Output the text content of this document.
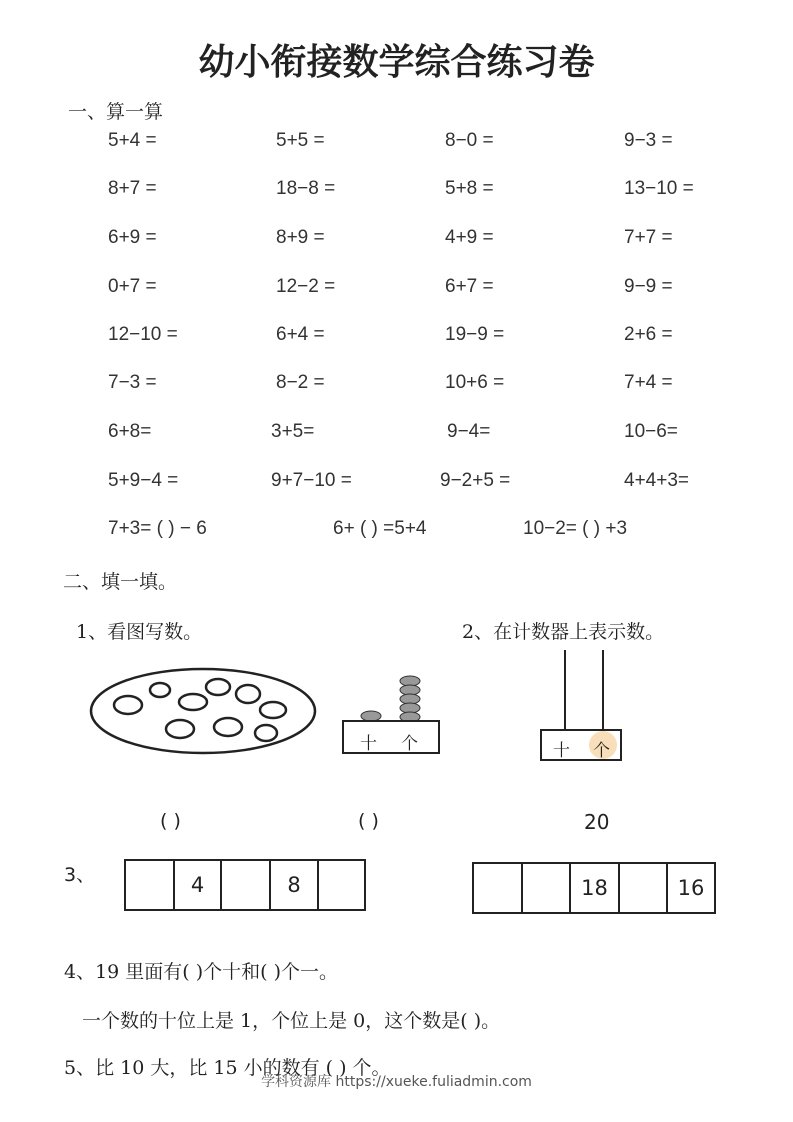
幼小衔接数学综合练习卷
一、算一算
5+4 =	5+5 =	8−0 =	9−3 =
8+7 =	18−8 =	5+8 =	13−10 =
6+9 =	8+9 =	4+9 =	7+7 =
0+7 =	12−2 =	6+7 =	9−9 =
12−10 =	6+4 =	19−9 =	2+6 =
7−3 =	8−2 =	10+6 =	7+4 =
6+8=	3+5=	9−4=	10−6=
5+9−4 =	9+7−10 =	9−2+5 =	4+4+3=
7+3= ( ) − 6	6+ ( ) =5+4	10−2= ( ) +3
二、填一填。
1、看图写数。	2、在计数器上表示数。
十 个	十 个
( )	( )	20
3、	4	8	18	16
4、19 里面有( )个十和( )个一。
一个数的十位上是 1，个位上是 0，这个数是( )。
5、比 10 大，比 15 小的数有 ( ) 个。
学科资源库 https://xueke.fuliadmin.com
